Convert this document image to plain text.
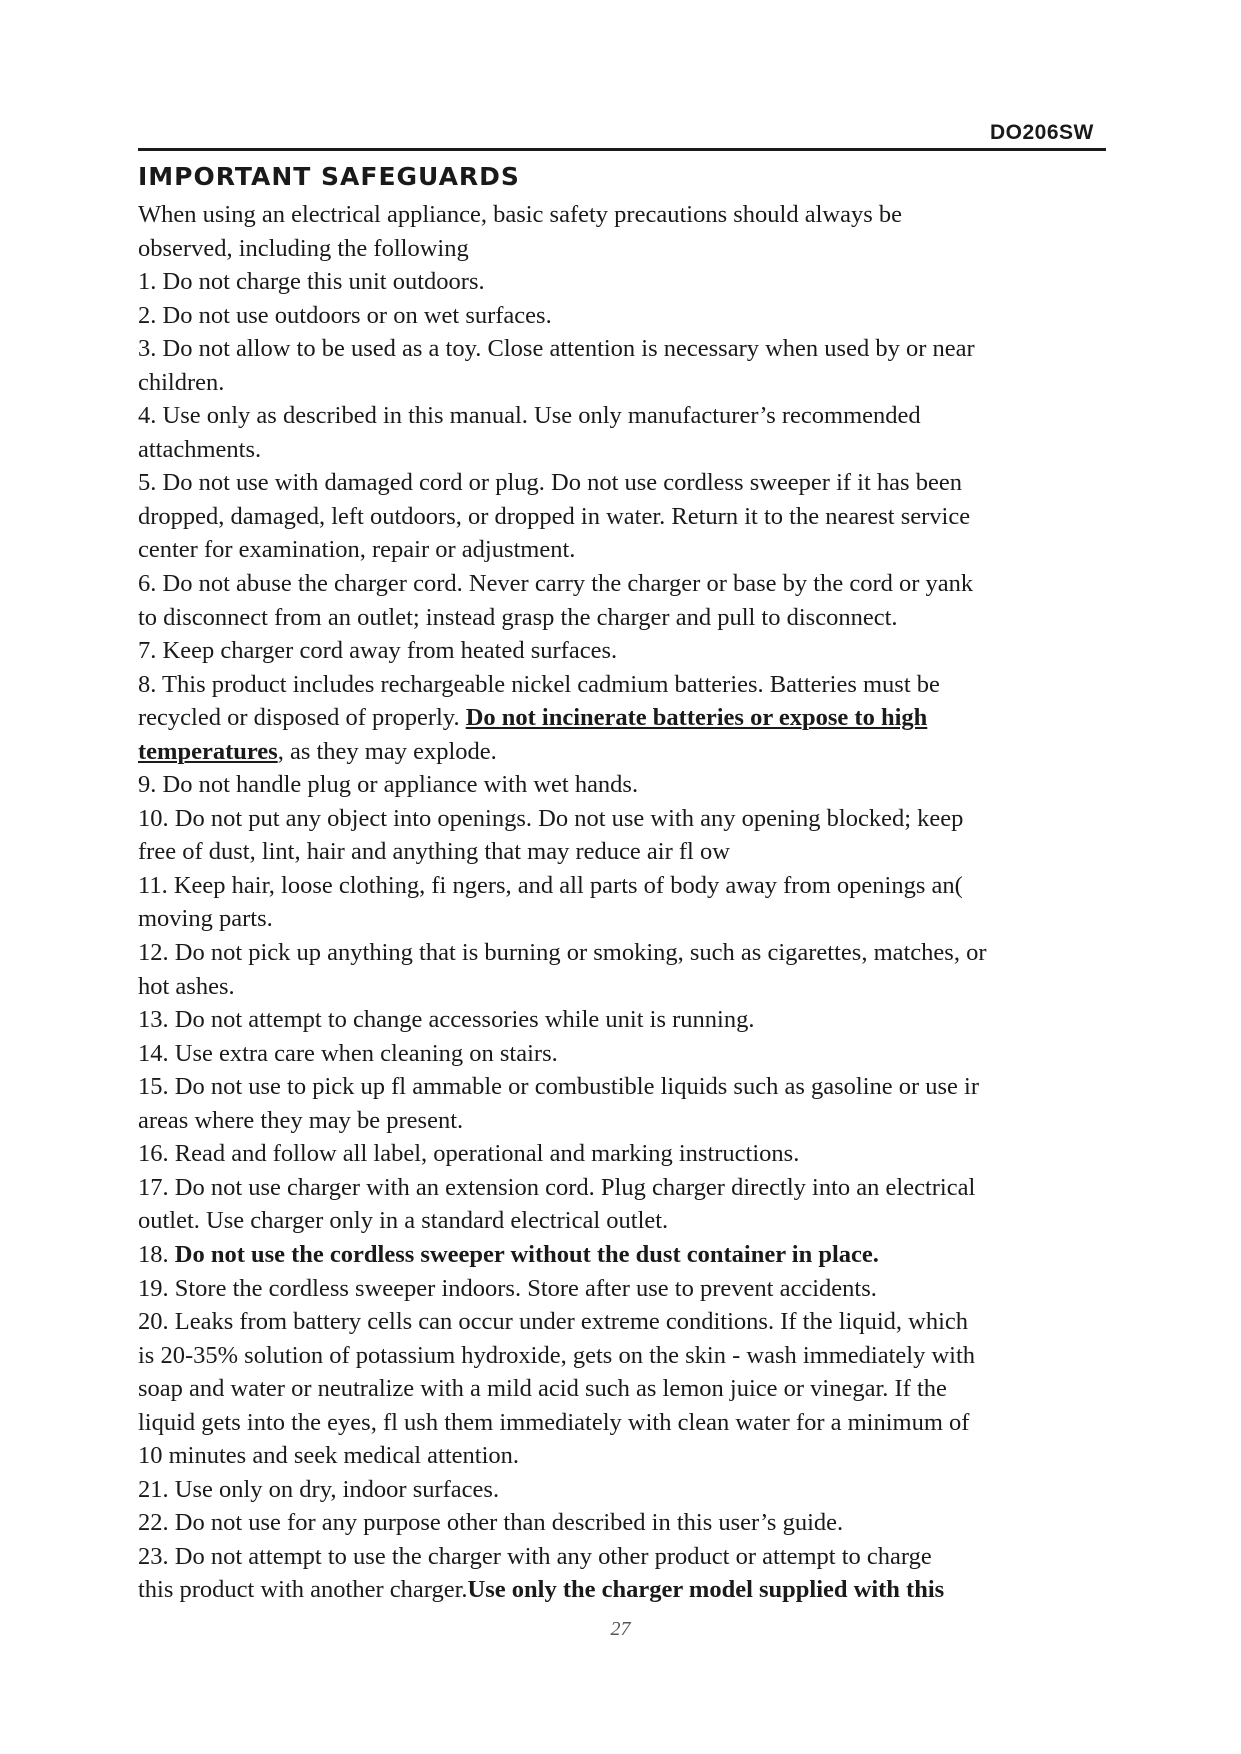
DO206SW
IMPORTANT SAFEGUARDS
When using an electrical appliance, basic safety precautions should always be
observed, including the following
1. Do not charge this unit outdoors.
2. Do not use outdoors or on wet surfaces.
3. Do not allow to be used as a toy. Close attention is necessary when used by or near
children.
4. Use only as described in this manual. Use only manufacturer’s recommended
attachments.
5. Do not use with damaged cord or plug. Do not use cordless sweeper if it has been
dropped, damaged, left outdoors, or dropped in water. Return it to the nearest service
center for examination, repair or adjustment.
6. Do not abuse the charger cord. Never carry the charger or base by the cord or yank
to disconnect from an outlet; instead grasp the charger and pull to disconnect.
7. Keep charger cord away from heated surfaces.
8. This product includes rechargeable nickel cadmium batteries. Batteries must be
recycled or disposed of properly. Do not incinerate batteries or expose to high
temperatures, as they may explode.
9. Do not handle plug or appliance with wet hands.
10. Do not put any object into openings. Do not use with any opening blocked; keep
free of dust, lint, hair and anything that may reduce air fl ow
11. Keep hair, loose clothing, fi ngers, and all parts of body away from openings an(
moving parts.
12. Do not pick up anything that is burning or smoking, such as cigarettes, matches, or
hot ashes.
13. Do not attempt to change accessories while unit is running.
14. Use extra care when cleaning on stairs.
15. Do not use to pick up fl ammable or combustible liquids such as gasoline or use ir
areas where they may be present.
16. Read and follow all label, operational and marking instructions.
17. Do not use charger with an extension cord. Plug charger directly into an electrical
outlet. Use charger only in a standard electrical outlet.
18. Do not use the cordless sweeper without the dust container in place.
19. Store the cordless sweeper indoors. Store after use to prevent accidents.
20. Leaks from battery cells can occur under extreme conditions. If the liquid, which
is 20-35% solution of potassium hydroxide, gets on the skin - wash immediately with
soap and water or neutralize with a mild acid such as lemon juice or vinegar. If the
liquid gets into the eyes, fl ush them immediately with clean water for a minimum of
10 minutes and seek medical attention.
21. Use only on dry, indoor surfaces.
22. Do not use for any purpose other than described in this user’s guide.
23. Do not attempt to use the charger with any other product or attempt to charge
this product with another charger.Use only the charger model supplied with this
27
